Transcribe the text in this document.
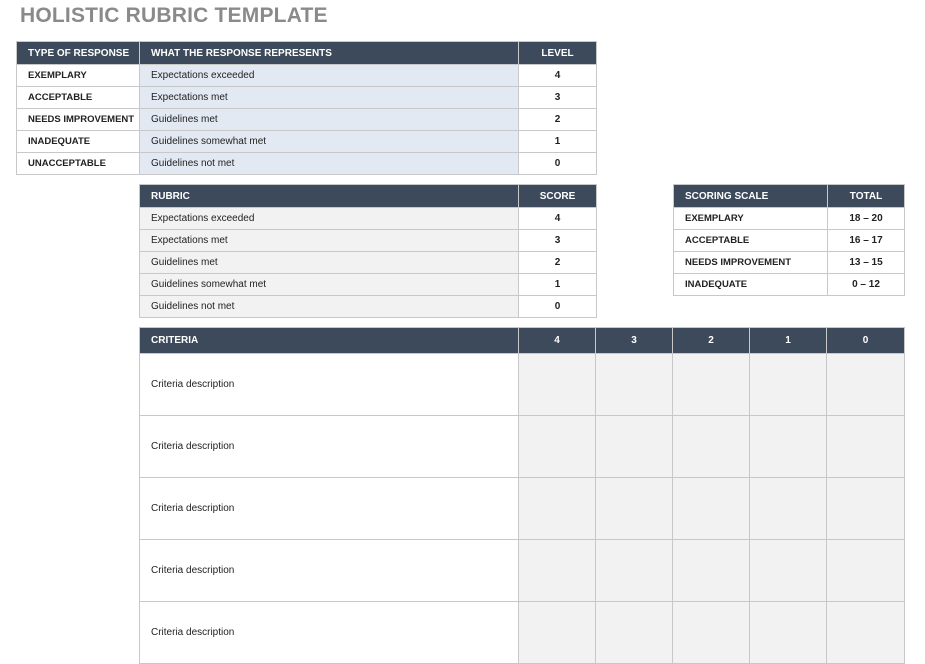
HOLISTIC RUBRIC TEMPLATE
TYPE OF RESPONSE	WHAT THE RESPONSE REPRESENTS	LEVEL
EXEMPLARY	Expectations exceeded	4
ACCEPTABLE	Expectations met	3
NEEDS IMPROVEMENT	Guidelines met	2
INADEQUATE	Guidelines somewhat met	1
UNACCEPTABLE	Guidelines not met	0
RUBRIC	SCORE
Expectations exceeded	4
Expectations met	3
Guidelines met	2
Guidelines somewhat met	1
Guidelines not met	0
SCORING SCALE	TOTAL
EXEMPLARY	18 – 20
ACCEPTABLE	16 – 17
NEEDS IMPROVEMENT	13 – 15
INADEQUATE	0 – 12
CRITERIA	4	3	2	1	0
Criteria description					
Criteria description					
Criteria description					
Criteria description					
Criteria description					
